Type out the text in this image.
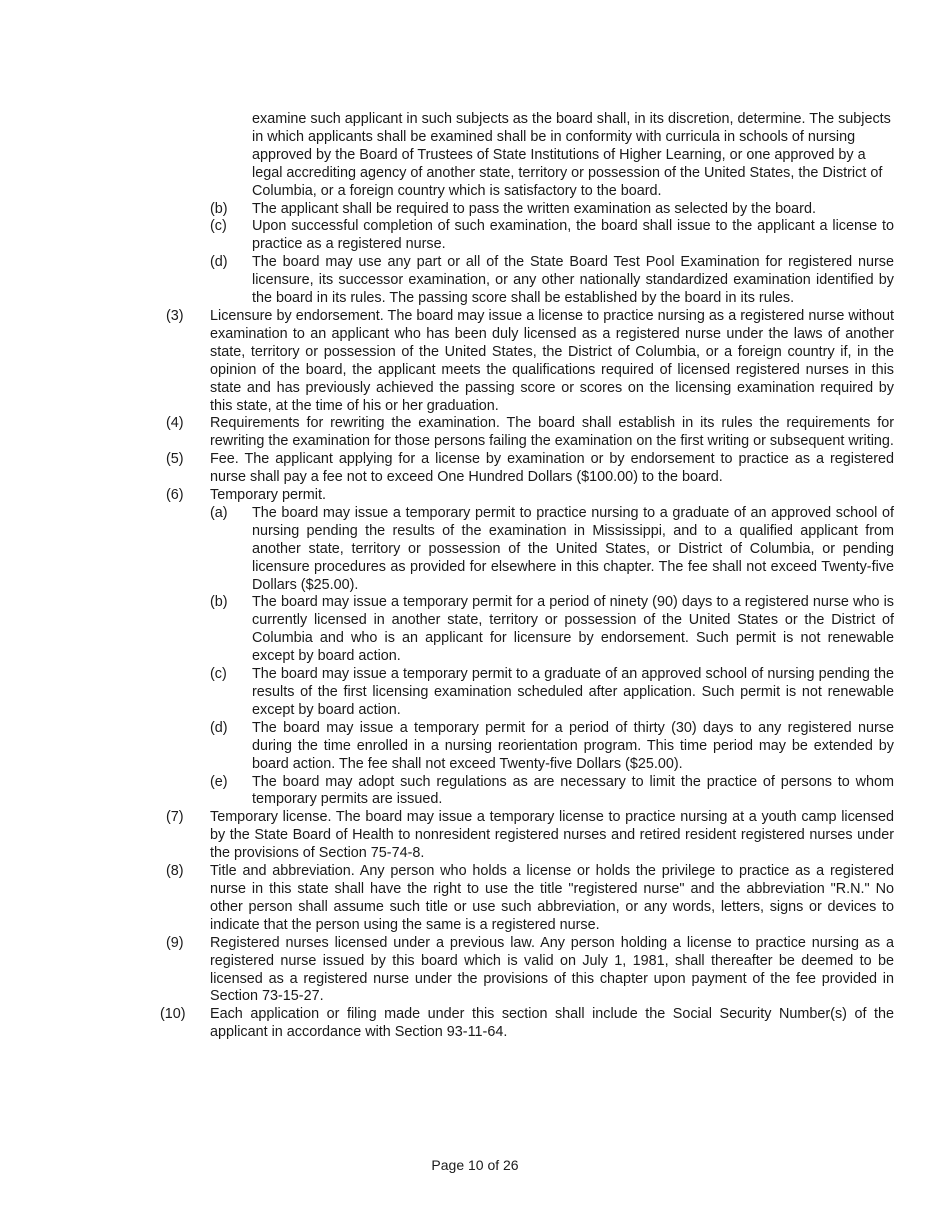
examine such applicant in such subjects as the board shall, in its discretion, determine. The subjects in which applicants shall be examined shall be in conformity with curricula in schools of nursing approved by the Board of Trustees of State Institutions of Higher Learning, or one approved by a legal accrediting agency of another state, territory or possession of the United States, the District of Columbia, or a foreign country which is satisfactory to the board.

(b) The applicant shall be required to pass the written examination as selected by the board.
(c) Upon successful completion of such examination, the board shall issue to the applicant a license to practice as a registered nurse.
(d) The board may use any part or all of the State Board Test Pool Examination for registered nurse licensure, its successor examination, or any other nationally standardized examination identified by the board in its rules. The passing score shall be established by the board in its rules.
(3) Licensure by endorsement. The board may issue a license to practice nursing as a registered nurse without examination to an applicant who has been duly licensed as a registered nurse under the laws of another state, territory or possession of the United States, the District of Columbia, or a foreign country if, in the opinion of the board, the applicant meets the qualifications required of licensed registered nurses in this state and has previously achieved the passing score or scores on the licensing examination required by this state, at the time of his or her graduation.
(4) Requirements for rewriting the examination. The board shall establish in its rules the requirements for rewriting the examination for those persons failing the examination on the first writing or subsequent writing.
(5) Fee. The applicant applying for a license by examination or by endorsement to practice as a registered nurse shall pay a fee not to exceed One Hundred Dollars ($100.00) to the board.
(6) Temporary permit.
(a) The board may issue a temporary permit to practice nursing to a graduate of an approved school of nursing pending the results of the examination in Mississippi, and to a qualified applicant from another state, territory or possession of the United States, or District of Columbia, or pending licensure procedures as provided for elsewhere in this chapter. The fee shall not exceed Twenty-five Dollars ($25.00).
(b) The board may issue a temporary permit for a period of ninety (90) days to a registered nurse who is currently licensed in another state, territory or possession of the United States or the District of Columbia and who is an applicant for licensure by endorsement. Such permit is not renewable except by board action.
(c) The board may issue a temporary permit to a graduate of an approved school of nursing pending the results of the first licensing examination scheduled after application. Such permit is not renewable except by board action.
(d) The board may issue a temporary permit for a period of thirty (30) days to any registered nurse during the time enrolled in a nursing reorientation program. This time period may be extended by board action. The fee shall not exceed Twenty-five Dollars ($25.00).
(e) The board may adopt such regulations as are necessary to limit the practice of persons to whom temporary permits are issued.
(7) Temporary license. The board may issue a temporary license to practice nursing at a youth camp licensed by the State Board of Health to nonresident registered nurses and retired resident registered nurses under the provisions of Section 75-74-8.
(8) Title and abbreviation. Any person who holds a license or holds the privilege to practice as a registered nurse in this state shall have the right to use the title "registered nurse" and the abbreviation "R.N." No other person shall assume such title or use such abbreviation, or any words, letters, signs or devices to indicate that the person using the same is a registered nurse.
(9) Registered nurses licensed under a previous law. Any person holding a license to practice nursing as a registered nurse issued by this board which is valid on July 1, 1981, shall thereafter be deemed to be licensed as a registered nurse under the provisions of this chapter upon payment of the fee provided in Section 73-15-27.
(10) Each application or filing made under this section shall include the Social Security Number(s) of the applicant in accordance with Section 93-11-64.
Page 10 of 26
